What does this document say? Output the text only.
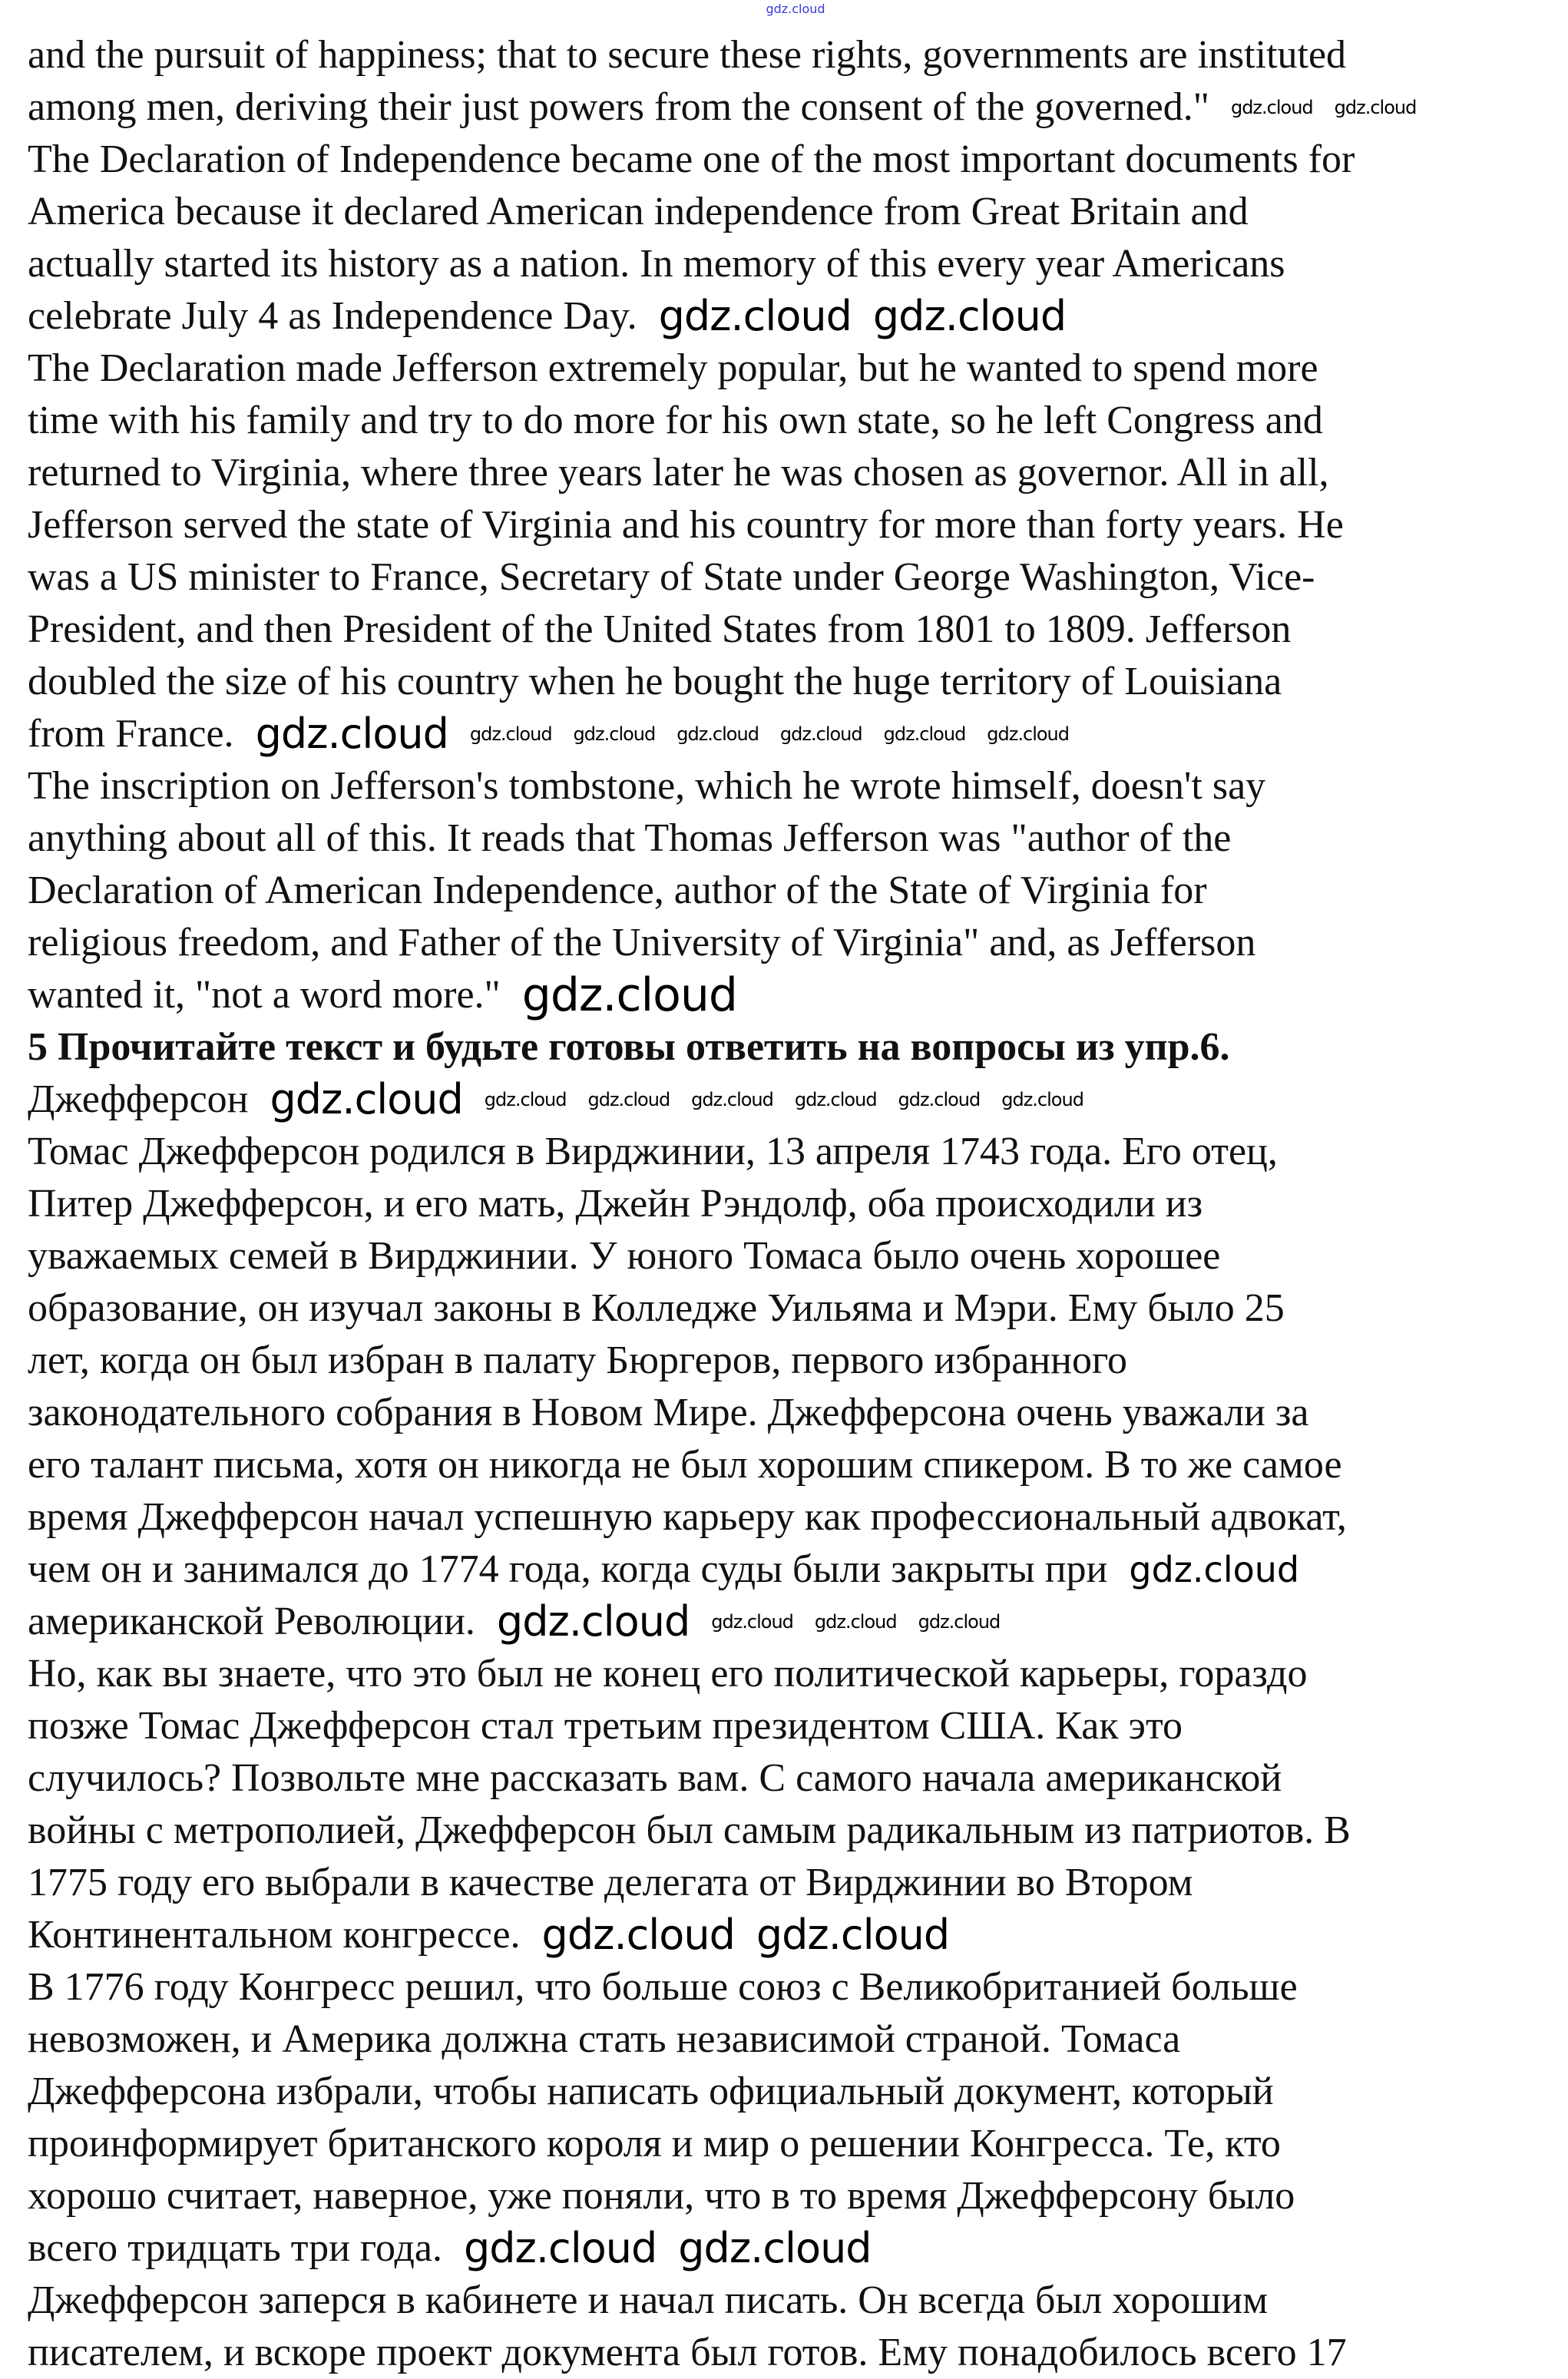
gdz.cloud
and the pursuit of happiness; that to secure these rights, governments are instituted
among men, deriving their just powers from the consent of the governed." gdz.cloud gdz.cloud
The Declaration of Independence became one of the most important documents for
America because it declared American independence from Great Britain and
actually started its history as a nation. In memory of this every year Americans
celebrate July 4 as Independence Day. gdz.cloud gdz.cloud
The Declaration made Jefferson extremely popular, but he wanted to spend more
time with his family and try to do more for his own state, so he left Congress and
returned to Virginia, where three years later he was chosen as governor. All in all,
Jefferson served the state of Virginia and his country for more than forty years. He
was a US minister to France, Secretary of State under George Washington, Vice-
President, and then President of the United States from 1801 to 1809. Jefferson
doubled the size of his country when he bought the huge territory of Louisiana
from France. gdz.cloud gdz.cloud gdz.cloud gdz.cloud gdz.cloud gdz.cloud gdz.cloud
The inscription on Jefferson's tombstone, which he wrote himself, doesn't say
anything about all of this. It reads that Thomas Jefferson was "author of the
Declaration of American Independence, author of the State of Virginia for
religious freedom, and Father of the University of Virginia" and, as Jefferson
wanted it, "not a word more." gdz.cloud
5 Прочитайте текст и будьте готовы ответить на вопросы из упр.6.
Джефферсон gdz.cloud gdz.cloud gdz.cloud gdz.cloud gdz.cloud gdz.cloud gdz.cloud
Томас Джефферсон родился в Вирджинии, 13 апреля 1743 года. Его отец,
Питер Джефферсон, и его мать, Джейн Рэндолф, оба происходили из
уважаемых семей в Вирджинии. У юного Томаса было очень хорошее
образование, он изучал законы в Колледже Уильяма и Мэри. Ему было 25
лет, когда он был избран в палату Бюргеров, первого избранного
законодательного собрания в Новом Мире. Джефферсона очень уважали за
его талант письма, хотя он никогда не был хорошим спикером. В то же самое
время Джефферсон начал успешную карьеру как профессиональный адвокат,
чем он и занимался до 1774 года, когда суды были закрыты при gdz.cloud
американской Революции. gdz.cloud gdz.cloud gdz.cloud gdz.cloud
Но, как вы знаете, что это был не конец его политической карьеры, гораздо
позже Томас Джефферсон стал третьим президентом США. Как это
случилось? Позвольте мне рассказать вам. С самого начала американской
войны с метрополией, Джефферсон был самым радикальным из патриотов. В
1775 году его выбрали в качестве делегата от Вирджинии во Втором
Континентальном конгрессе. gdz.cloud gdz.cloud
В 1776 году Конгресс решил, что больше союз с Великобританией больше
невозможен, и Америка должна стать независимой страной. Томаса
Джефферсона избрали, чтобы написать официальный документ, который
проинформирует британского короля и мир о решении Конгресса. Те, кто
хорошо считает, наверное, уже поняли, что в то время Джефферсону было
всего тридцать три года. gdz.cloud gdz.cloud
Джефферсон заперся в кабинете и начал писать. Он всегда был хорошим
писателем, и вскоре проект документа был готов. Ему понадобилось всего 17
